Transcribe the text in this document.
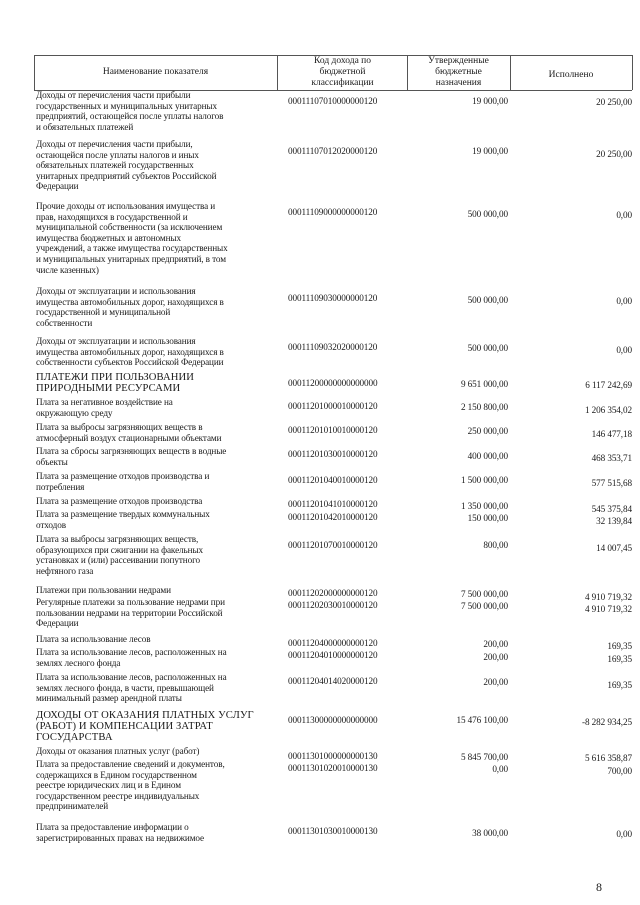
Наименование показателя
Код дохода по бюджетной классификации
Утвержденные бюджетные назначения
Исполнено
Доходы от перечисления части прибыли
государственных и муниципальных унитарных
предприятий, остающейся после уплаты налогов
и обязательных платежей
00011107010000000120	19 000,00	20 250,00
Доходы от перечисления части прибыли,
остающейся после уплаты налогов и иных
обязательных платежей государственных
унитарных предприятий субъектов Российской
Федерации
00011107012020000120	19 000,00	20 250,00
Прочие доходы от использования имущества и
прав, находящихся в государственной и
муниципальной собственности (за исключением
имущества бюджетных и автономных
учреждений, а также имущества государственных
и муниципальных унитарных предприятий, в том
числе казенных)
00011109000000000120	500 000,00	0,00
Доходы от эксплуатации и использования
имущества автомобильных дорог, находящихся в
государственной и муниципальной
собственности
00011109030000000120	500 000,00	0,00
Доходы от эксплуатации и использования
имущества автомобильных дорог, находящихся в
собственности субъектов Российской Федерации
00011109032020000120	500 000,00	0,00
ПЛАТЕЖИ ПРИ ПОЛЬЗОВАНИИ
ПРИРОДНЫМИ РЕСУРСАМИ	00011200000000000000	9 651 000,00	6 117 242,69
Плата за негативное воздействие на
окружающую среду
00011201000010000120	2 150 800,00	1 206 354,02
Плата за выбросы загрязняющих веществ в
атмосферный воздух стационарными объектами
00011201010010000120	250 000,00	146 477,18
Плата за сбросы загрязняющих веществ в водные
объекты
00011201030010000120	400 000,00	468 353,71
Плата за размещение отходов производства и
потребления
00011201040010000120	1 500 000,00	577 515,68
Плата за размещение отходов производства	00011201041010000120	1 350 000,00	545 375,84
Плата за размещение твердых коммунальных
отходов
00011201042010000120	150 000,00	32 139,84
Плата за выбросы загрязняющих веществ,
образующихся при сжигании на факельных
установках и (или) рассеивании попутного
нефтяного газа
00011201070010000120	800,00	14 007,45
Платежи при пользовании недрами	00011202000000000120	7 500 000,00	4 910 719,32
Регулярные платежи за пользование недрами при
пользовании недрами на территории Российской
Федерации
00011202030010000120	7 500 000,00	4 910 719,32
Плата за использование лесов	00011204000000000120	200,00	169,35
Плата за использование лесов, расположенных на
землях лесного фонда
00011204010000000120	200,00	169,35
Плата за использование лесов, расположенных на
землях лесного фонда, в части, превышающей
минимальный размер арендной платы
00011204014020000120	200,00	169,35
ДОХОДЫ ОТ ОКАЗАНИЯ ПЛАТНЫХ УСЛУГ
(РАБОТ) И КОМПЕНСАЦИИ ЗАТРАТ
ГОСУДАРСТВА
00011300000000000000	15 476 100,00	-8 282 934,25
Доходы от оказания платных услуг (работ)	00011301000000000130	5 845 700,00	5 616 358,87
Плата за предоставление сведений и документов,
содержащихся в Едином государственном
реестре юридических лиц и в Едином
государственном реестре индивидуальных
предпринимателей
00011301020010000130	0,00	700,00
Плата за предоставление информации о
зарегистрированных правах на недвижимое
00011301030010000130	38 000,00	0,00
8
